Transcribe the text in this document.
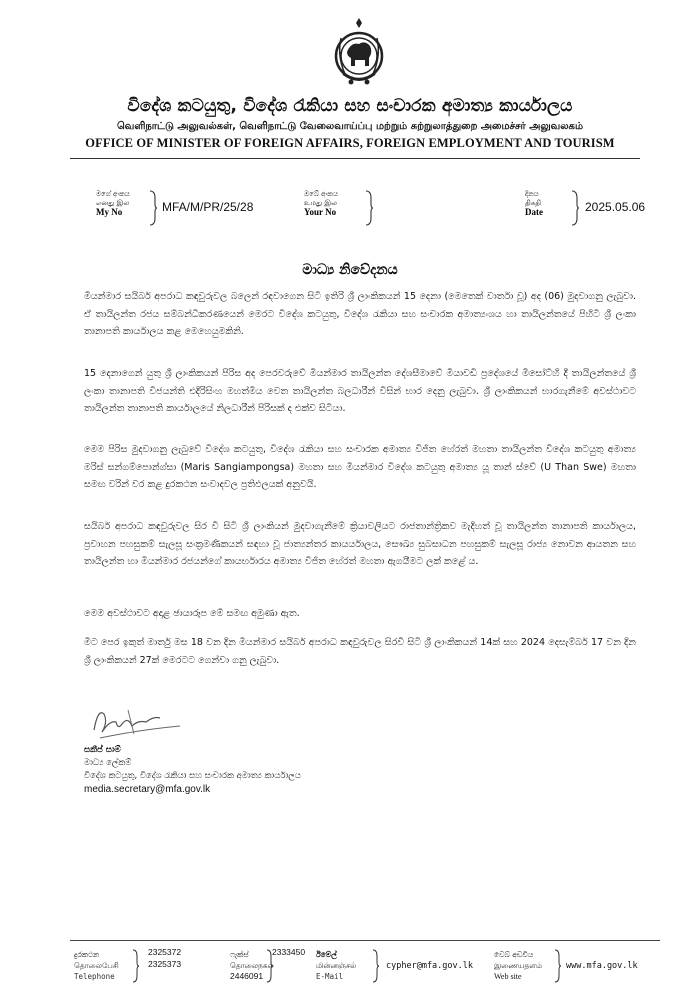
විදේශ කටයුතු, විදේශ රැකියා සහ සංචාරක අමාත්‍ය කාර්යාලය
வெளிநாட்டு அலுவல்கள், வெளிநாட்டு வேலைவாய்ப்பு மற்றும் சுற்றுலாத்துறை அமைச்சர் அலுவலகம்
OFFICE OF MINISTER OF FOREIGN AFFAIRS, FOREIGN EMPLOYMENT AND TOURISM
මගේ අංකය
எனது இல
My No	MFA/M/PR/25/28
ඔබේ අංකය
உமது இல
Your No
දිනය
திகதி
Date	2025.05.06
මාධ්‍ය නිවේදනය
මියන්මාර සයිබර් අපරාධ කඳවුරුවල බලෙන් රඳවාගෙන සිටි ඉතිරි ශ්‍රී ලාංකිකයන් 15 දෙනා (මෙතෙක් වාර්තා වූ) අද (06) මුදවාගනු ලැබුවා. ඒ තායිලන්ත රජය සම්බන්ධීකරණයෙන් මෙරට විදේශ කටයුතු, විදේශ රැකියා සහ සංචාරක අමාත්‍යංශය හා තායිලන්තයේ පිහිටි ශ්‍රී ලංකා තානාපති කාර්යාලය කළ මෙහෙයුමකිනි.
15 දෙනාගෙන් යුතු ශ්‍රී ලාංකිකයන් පිරිස අද පෙරවරුවේ මියන්මාර තායිලන්ත දේශසීමාවේ මියාවඩි ප්‍රදේශයේ මීසෝට්හි දී තායිලන්තයේ ශ්‍රී ලංකා තානාපති විජයන්ති එදිරිසිංහ මහත්මිය වෙත තායිලන්ත බලධාරීන් විසින් භාර දෙනු ලැබුවා. ශ්‍රී ලාංකිකයන් භාරගැනීමේ අවස්ථාවට තායිලන්ත තානාපති කාර්යාලයේ නිලධාරීන් පිරිසක් ද එක්ව සිටියා.
මෙම පිරිස මුදවාගනු ලැබුවේ විදේශ කටයුතු, විදේශ රැකියා සහ සංචාරක අමාත්‍ය විජිත හේරත් මහතා තායිලන්ත විදේශ කටයුතු අමාත්‍ය මරිස් සන්ගම්පොන්ග්සා (Maris Sangiampongsa) මහතා සහ මියන්මාර විදේශ කටයුතු අමාත්‍ය යූ තාන් ස්වේ (U Than Swe) මහතා සමඟ වරින් වර කළ දුරකථන සංවාදවල ප්‍රතිඵලයක් අනුවයි.
සයිබර් අපරාධ කඳවුරුවල සිර වී සිටි ශ්‍රී ලාංකියන් මුදවාගැනීමේ ක්‍රියාවලියට රාජතාන්ත්‍රිකව මැදිහත් වූ තායිලන්ත තානාපති කාර්යාලය, ප්‍රවාහන පහසුකම් සැලසූ සංක්‍රමණිකයන් සඳහා වූ ජාත්‍යන්තර කායර්යාලය, සෞඛ්‍ය සුබසාධන පහසුකම් සැලසූ රාජ්‍ය නොවන ආයතන සහ තායිලන්ත හා මියන්මාර රජයන්ගේ කායර්භාරය අමාත්‍ය විජිත හේරත් මහතා ඇගයීමට ලක් කළේ ය.
මෙම අවස්ථාවට අදාළ ඡායාරූප මේ සමඟ අමුණා ඇත.
මීට පෙර ඉකුත් මාර්තු මස 18 වන දින මියන්මාර සයිබර් අපරාධ කඳවුරුවල සිරවී සිටි ශ්‍රී ලාංකිකයන් 14ක් සහ 2024 දෙසැම්බර් 17 වන දින ශ්‍රී ලාංකිකයන් 27ක් මෙරටට ගෙන්වා ගනු ලැබුවා.
සකීප් සාම්
මාධ්‍ය ලේකම්
විදේශ කටයුතු, විදේශ රැකියා සහ සංචාරක අමාත්‍ය කාර්යාලය
media.secretary@mfa.gov.lk
දුරකථන
தொலைபேசி
Telephone
2325372
2325373
ෆැක්ස්
தொலைநகல்
2333450
2446091
ඊමේල්
மின்னஞ்சல்
E-Mail
cypher@mfa.gov.lk
වෙබ් අඩවිය
இணையதளம்
Web site
www.mfa.gov.lk
